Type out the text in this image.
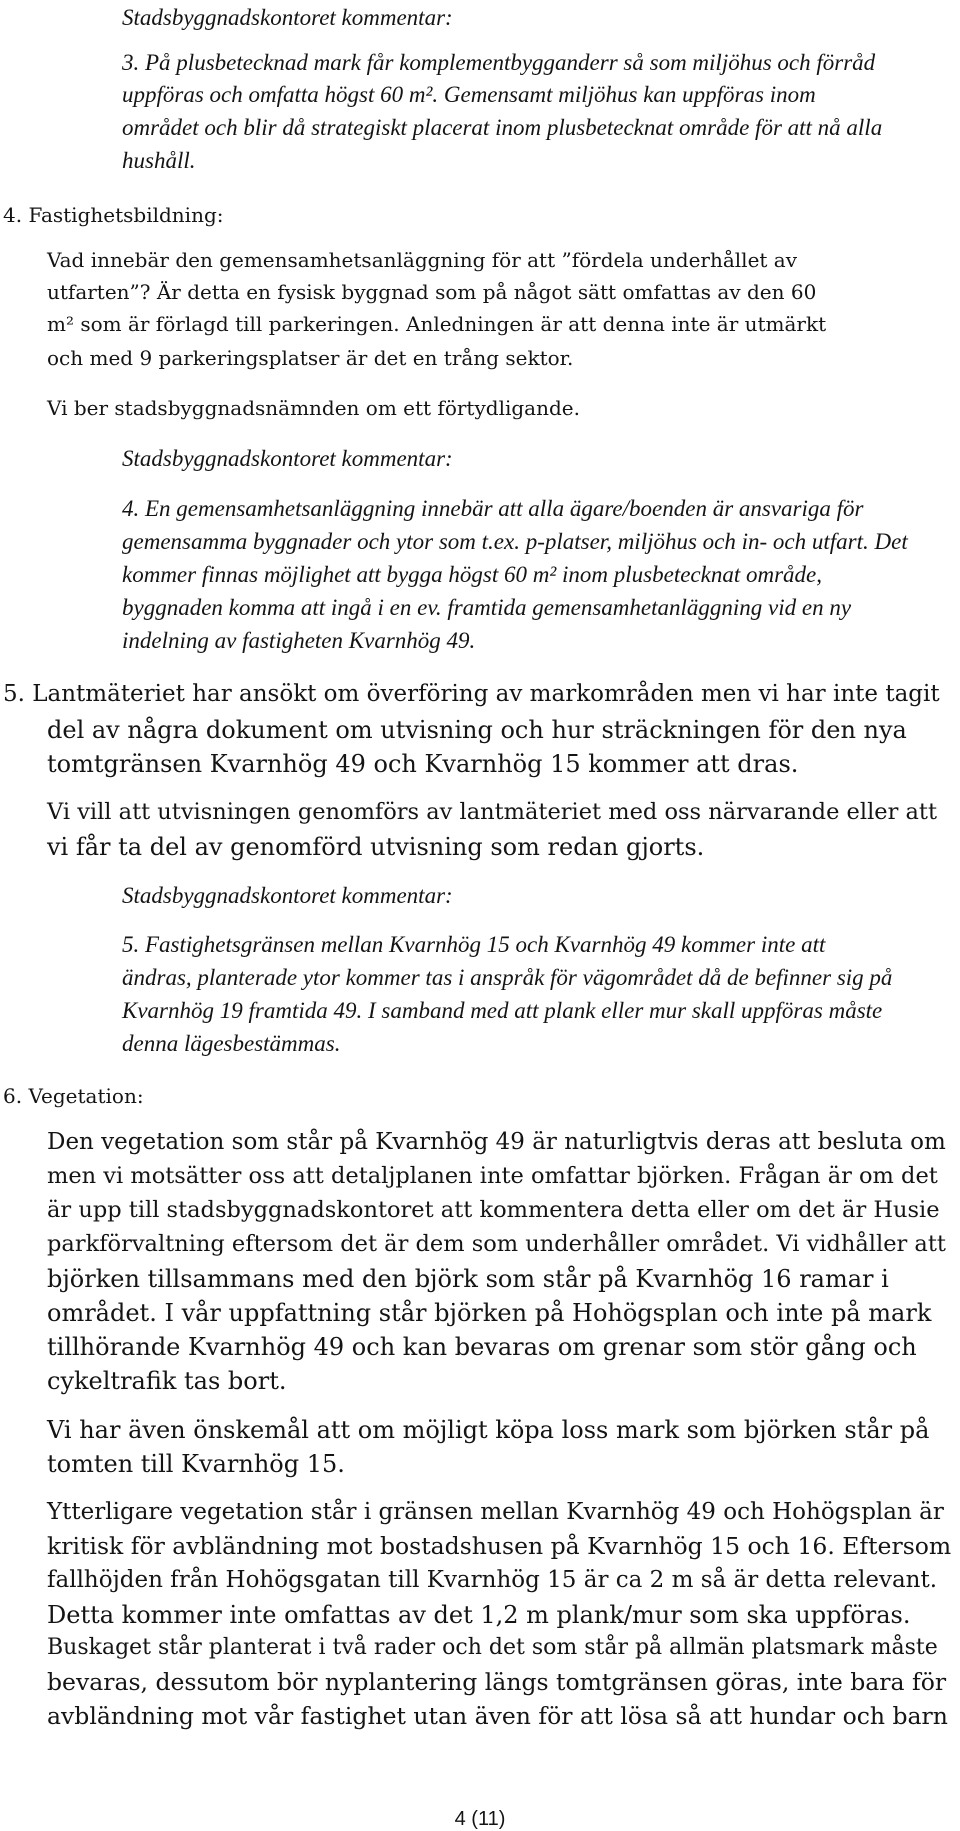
Stadsbyggnadskontoret kommentar:
3. På plusbetecknad mark får komplementbygganderr så som miljöhus och förråd
uppföras och omfatta högst 60 m². Gemensamt miljöhus kan uppföras inom
området och blir då strategiskt placerat inom plusbetecknat område för att nå alla
hushåll.
4. Fastighetsbildning:
Vad innebär den gemensamhetsanläggning för att ”fördela underhållet av
utfarten”? Är detta en fysisk byggnad som på något sätt omfattas av den 60
m² som är förlagd till parkeringen. Anledningen är att denna inte är utmärkt
och med 9 parkeringsplatser är det en trång sektor.
Vi ber stadsbyggnadsnämnden om ett förtydligande.
Stadsbyggnadskontoret kommentar:
4. En gemensamhetsanläggning innebär att alla ägare/boenden är ansvariga för
gemensamma byggnader och ytor som t.ex. p-platser, miljöhus och in- och utfart. Det
kommer finnas möjlighet att bygga högst 60 m² inom plusbetecknat område,
byggnaden komma att ingå i en ev. framtida gemensamhetanläggning vid en ny
indelning av fastigheten Kvarnhög 49.
5. Lantmäteriet har ansökt om överföring av markområden men vi har inte tagit
del av några dokument om utvisning och hur sträckningen för den nya
tomtgränsen Kvarnhög 49 och Kvarnhög 15 kommer att dras.
Vi vill att utvisningen genomförs av lantmäteriet med oss närvarande eller att
vi får ta del av genomförd utvisning som redan gjorts.
Stadsbyggnadskontoret kommentar:
5. Fastighetsgränsen mellan Kvarnhög 15 och Kvarnhög 49 kommer inte att
ändras, planterade ytor kommer tas i anspråk för vägområdet då de befinner sig på
Kvarnhög 19 framtida 49. I samband med att plank eller mur skall uppföras måste
denna lägesbestämmas.
6. Vegetation:
Den vegetation som står på Kvarnhög 49 är naturligtvis deras att besluta om
men vi motsätter oss att detaljplanen inte omfattar björken. Frågan är om det
är upp till stadsbyggnadskontoret att kommentera detta eller om det är Husie
parkförvaltning eftersom det är dem som underhåller området. Vi vidhåller att
björken tillsammans med den björk som står på Kvarnhög 16 ramar i
området. I vår uppfattning står björken på Hohögsplan och inte på mark
tillhörande Kvarnhög 49 och kan bevaras om grenar som stör gång och
cykeltrafik tas bort.
Vi har även önskemål att om möjligt köpa loss mark som björken står på
tomten till Kvarnhög 15.
Ytterligare vegetation står i gränsen mellan Kvarnhög 49 och Hohögsplan är
kritisk för avbländning mot bostadshusen på Kvarnhög 15 och 16. Eftersom
fallhöjden från Hohögsgatan till Kvarnhög 15 är ca 2 m så är detta relevant.
Detta kommer inte omfattas av det 1,2 m plank/mur som ska uppföras.
Buskaget står planterat i två rader och det som står på allmän platsmark måste
bevaras, dessutom bör nyplantering längs tomtgränsen göras, inte bara för
avbländning mot vår fastighet utan även för att lösa så att hundar och barn
4 (11)
